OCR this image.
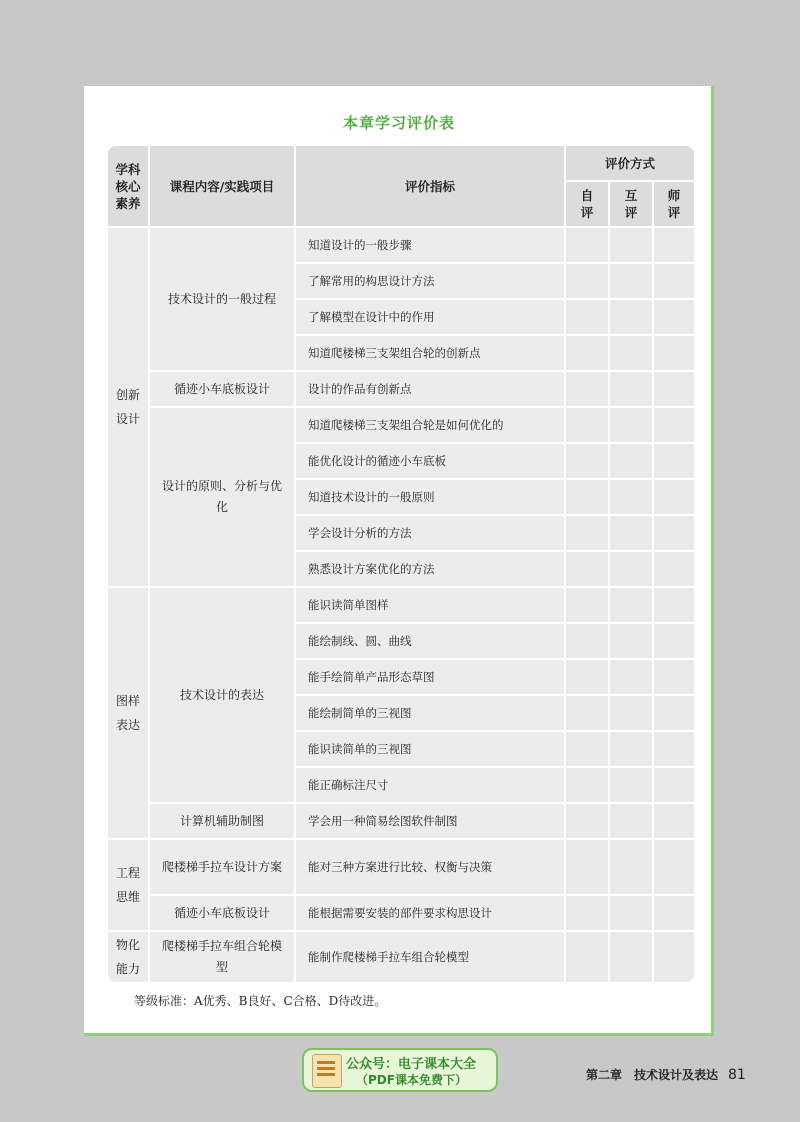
本章学习评价表
学科核心素养	课程内容/实践项目	评价指标	评价方式		
			自评	互评	师评
创新设计	技术设计的一般过程	知道设计的一般步骤			
		了解常用的构思设计方法			
		了解模型在设计中的作用			
		知道爬楼梯三支架组合轮的创新点			
	循迹小车底板设计	设计的作品有创新点			
	设计的原则、分析与优化	知道爬楼梯三支架组合轮是如何优化的			
		能优化设计的循迹小车底板			
		知道技术设计的一般原则			
		学会设计分析的方法			
		熟悉设计方案优化的方法			
图样表达	技术设计的表达	能识读简单图样			
		能绘制线、圆、曲线			
		能手绘简单产品形态草图			
		能绘制简单的三视图			
		能识读简单的三视图			
		能正确标注尺寸			
	计算机辅助制图	学会用一种简易绘图软件制图			
工程思维	爬楼梯手拉车设计方案	能对三种方案进行比较、权衡与决策			
	循迹小车底板设计	能根据需要安装的部件要求构思设计			
物化能力	爬楼梯手拉车组合轮模型	能制作爬楼梯手拉车组合轮模型			
等级标准：A优秀、B良好、C合格、D待改进。
公众号：电子课本大全
（PDF课本免费下）	第二章　技术设计及表达 81
